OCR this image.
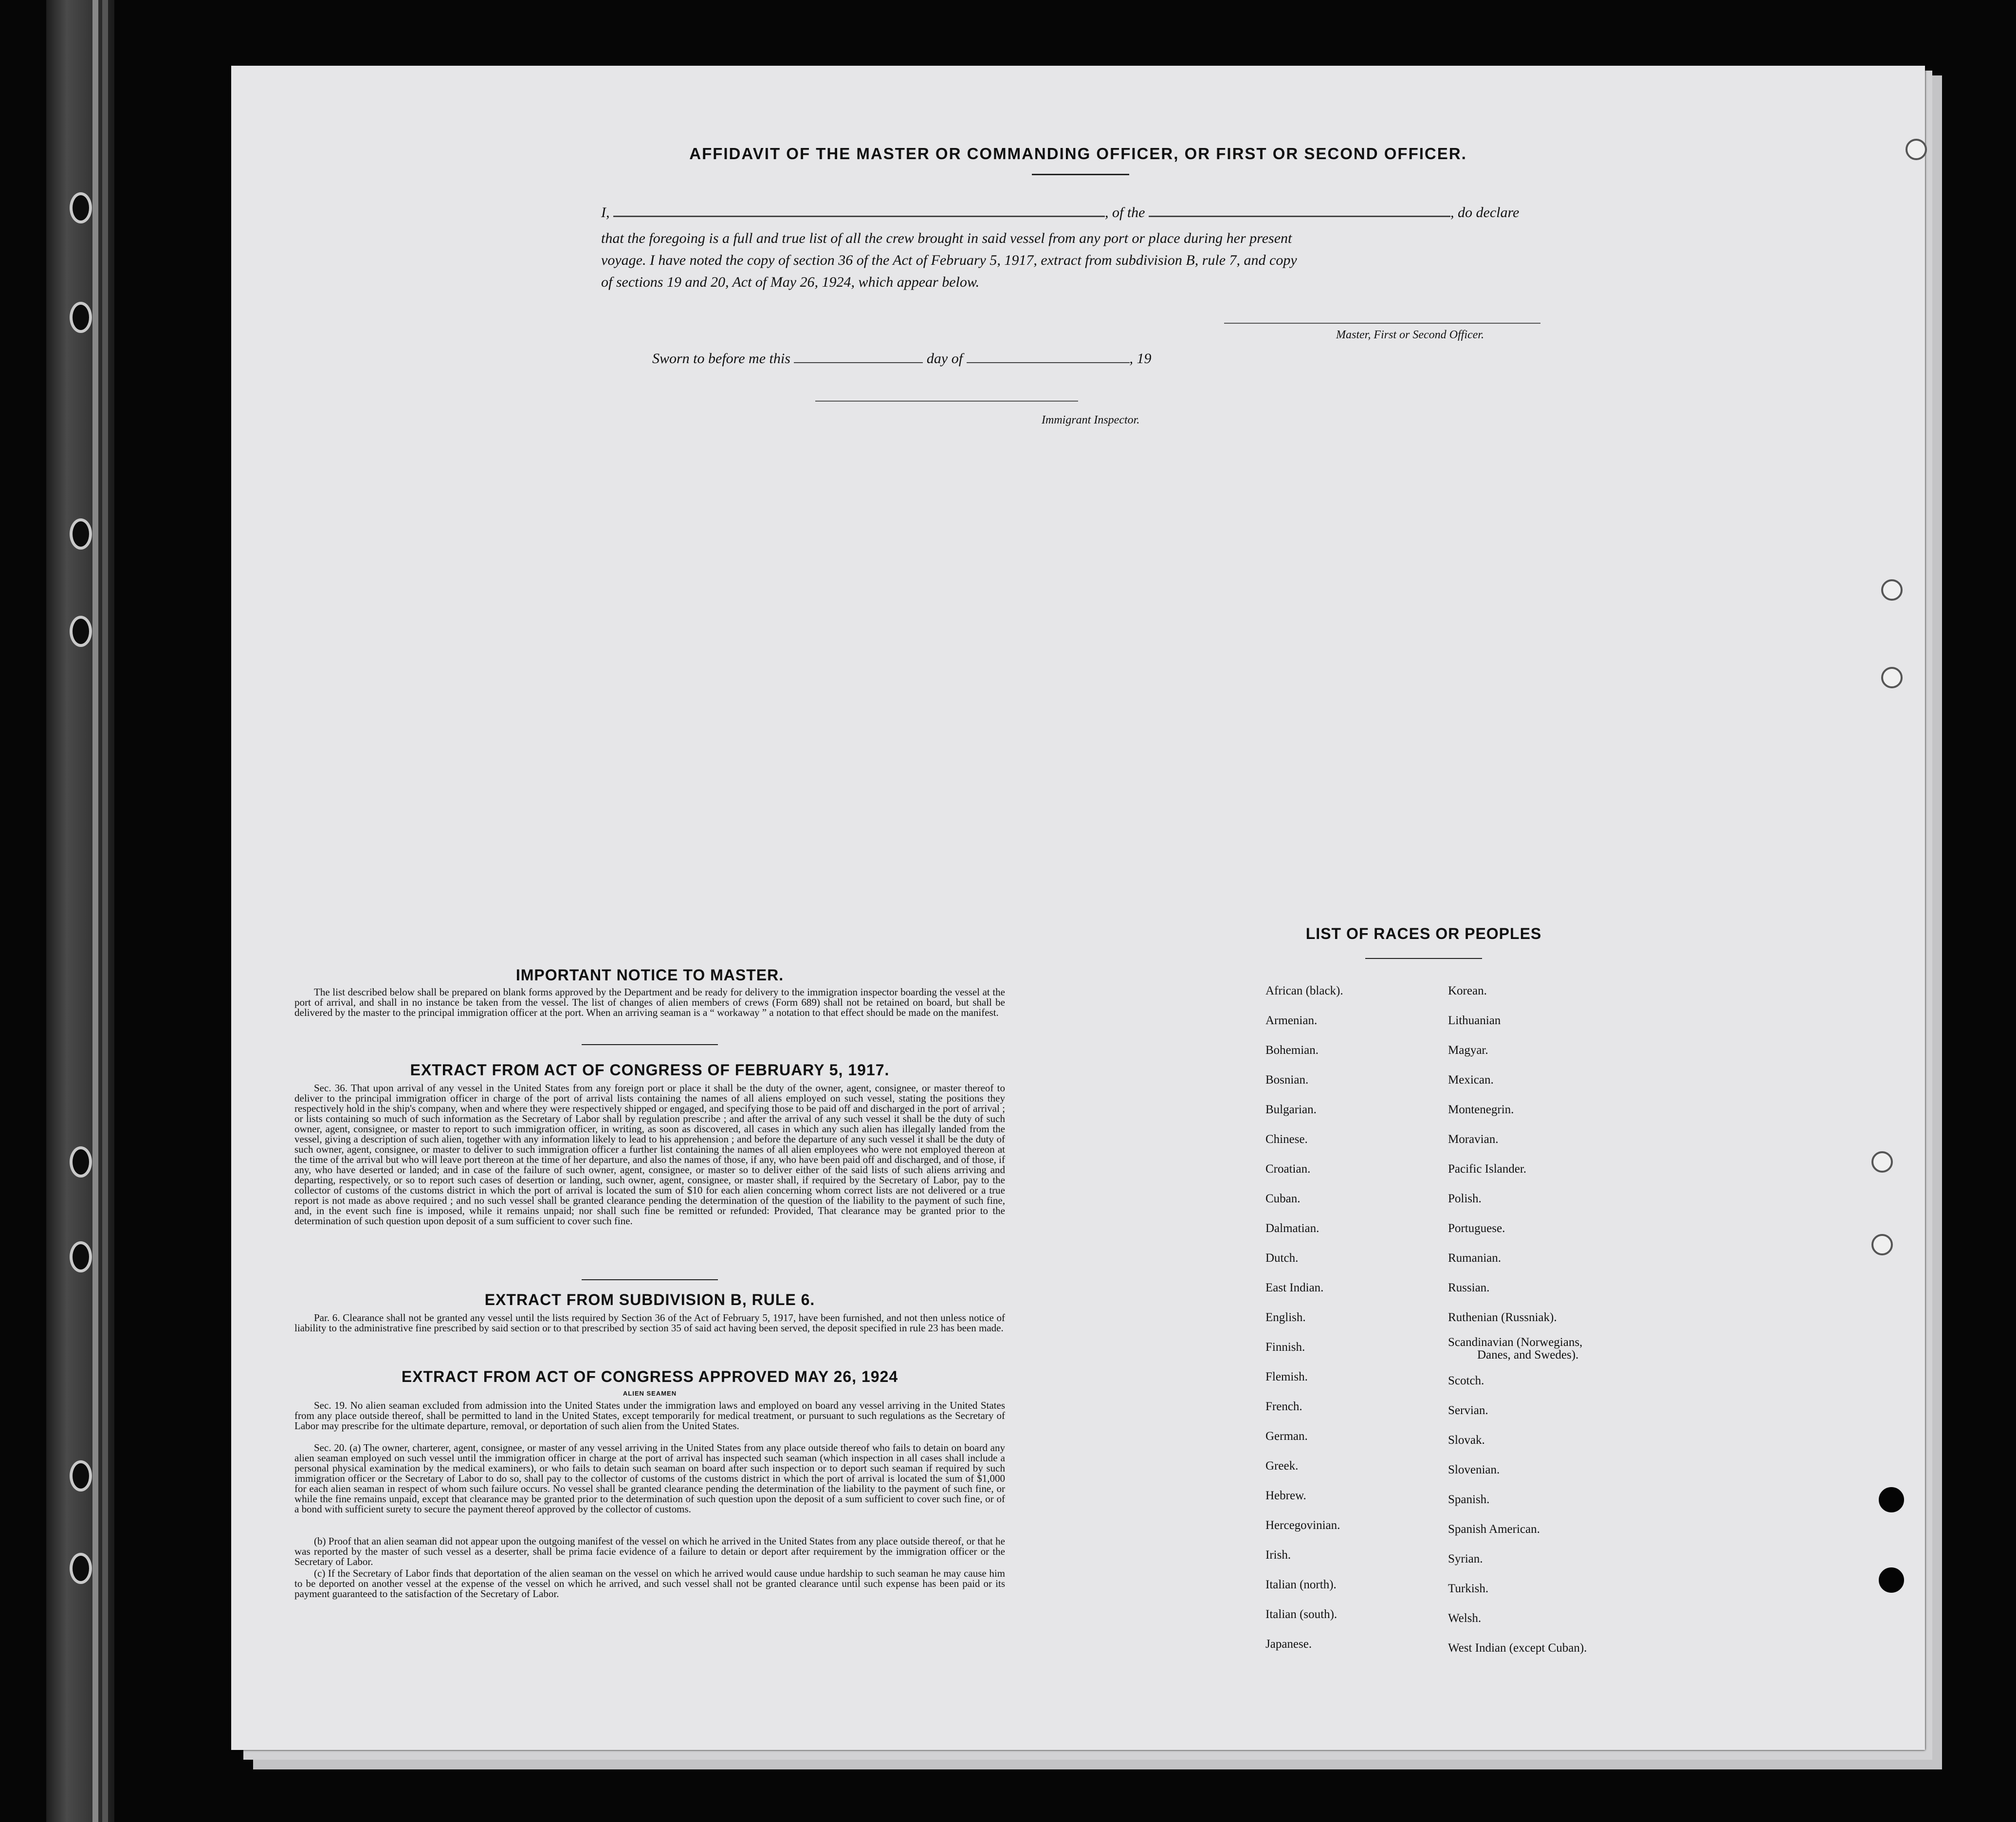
AFFIDAVIT OF THE MASTER OR COMMANDING OFFICER, OR FIRST OR SECOND OFFICER.
I,	, of the	, do declare
that the foregoing is a full and true list of all the crew brought in said vessel from any port or place during her present
voyage. I have noted the copy of section 36 of the Act of February 5, 1917, extract from subdivision B, rule 7, and copy
of sections 19 and 20, Act of May 26, 1924, which appear below.
Master, First or Second Officer.
Sworn to before me this	day of	, 19
Immigrant Inspector.
IMPORTANT NOTICE TO MASTER.
The list described below shall be prepared on blank forms approved by the Department and be ready for delivery to the immigration inspector boarding the vessel at the port of arrival, and shall in no instance be taken from the vessel. The list of changes of alien members of crews (Form 689) shall not be retained on board, but shall be delivered by the master to the principal immigration officer at the port. When an arriving seaman is a “ workaway ” a notation to that effect should be made on the manifest.
EXTRACT FROM ACT OF CONGRESS OF FEBRUARY 5, 1917.
Sec. 36. That upon arrival of any vessel in the United States from any foreign port or place it shall be the duty of the owner, agent, consignee, or master thereof to deliver to the principal immigration officer in charge of the port of arrival lists containing the names of all aliens employed on such vessel, stating the positions they respectively hold in the ship's company, when and where they were respectively shipped or engaged, and specifying those to be paid off and discharged in the port of arrival ; or lists containing so much of such information as the Secretary of Labor shall by regulation prescribe ; and after the arrival of any such vessel it shall be the duty of such owner, agent, consignee, or master to report to such immigration officer, in writing, as soon as discovered, all cases in which any such alien has illegally landed from the vessel, giving a description of such alien, together with any information likely to lead to his apprehension ; and before the departure of any such vessel it shall be the duty of such owner, agent, consignee, or master to deliver to such immigration officer a further list containing the names of all alien employees who were not employed thereon at the time of the arrival but who will leave port thereon at the time of her departure, and also the names of those, if any, who have been paid off and discharged, and of those, if any, who have deserted or landed; and in case of the failure of such owner, agent, consignee, or master so to deliver either of the said lists of such aliens arriving and departing, respectively, or so to report such cases of desertion or landing, such owner, agent, consignee, or master shall, if required by the Secretary of Labor, pay to the collector of customs of the customs district in which the port of arrival is located the sum of $10 for each alien concerning whom correct lists are not delivered or a true report is not made as above required ; and no such vessel shall be granted clearance pending the determination of the question of the liability to the payment of such fine, and, in the event such fine is imposed, while it remains unpaid; nor shall such fine be remitted or refunded: Provided, That clearance may be granted prior to the determination of such question upon deposit of a sum sufficient to cover such fine.
EXTRACT FROM SUBDIVISION B, RULE 6.
Par. 6. Clearance shall not be granted any vessel until the lists required by Section 36 of the Act of February 5, 1917, have been furnished, and not then unless notice of liability to the administrative fine prescribed by said section or to that prescribed by section 35 of said act having been served, the deposit specified in rule 23 has been made.
EXTRACT FROM ACT OF CONGRESS APPROVED MAY 26, 1924
ALIEN SEAMEN
Sec. 19. No alien seaman excluded from admission into the United States under the immigration laws and employed on board any vessel arriving in the United States from any place outside thereof, shall be permitted to land in the United States, except temporarily for medical treatment, or pursuant to such regulations as the Secretary of Labor may prescribe for the ultimate departure, removal, or deportation of such alien from the United States.
Sec. 20. (a) The owner, charterer, agent, consignee, or master of any vessel arriving in the United States from any place outside thereof who fails to detain on board any alien seaman employed on such vessel until the immigration officer in charge at the port of arrival has inspected such seaman (which inspection in all cases shall include a personal physical examination by the medical examiners), or who fails to detain such seaman on board after such inspection or to deport such seaman if required by such immigration officer or the Secretary of Labor to do so, shall pay to the collector of customs of the customs district in which the port of arrival is located the sum of $1,000 for each alien seaman in respect of whom such failure occurs. No vessel shall be granted clearance pending the determination of the liability to the payment of such fine, or while the fine remains unpaid, except that clearance may be granted prior to the determination of such question upon the deposit of a sum sufficient to cover such fine, or of a bond with sufficient surety to secure the payment thereof approved by the collector of customs.
(b) Proof that an alien seaman did not appear upon the outgoing manifest of the vessel on which he arrived in the United States from any place outside thereof, or that he was reported by the master of such vessel as a deserter, shall be prima facie evidence of a failure to detain or deport after requirement by the immigration officer or the Secretary of Labor.
(c) If the Secretary of Labor finds that deportation of the alien seaman on the vessel on which he arrived would cause undue hardship to such seaman he may cause him to be deported on another vessel at the expense of the vessel on which he arrived, and such vessel shall not be granted clearance until such expense has been paid or its payment guaranteed to the satisfaction of the Secretary of Labor.
LIST OF RACES OR PEOPLES
African (black).
Armenian.
Bohemian.
Bosnian.
Bulgarian.
Chinese.
Croatian.
Cuban.
Dalmatian.
Dutch.
East Indian.
English.
Finnish.
Flemish.
French.
German.
Greek.
Hebrew.
Hercegovinian.
Irish.
Italian (north).
Italian (south).
Japanese.
Korean.
Lithuanian
Magyar.
Mexican.
Montenegrin.
Moravian.
Pacific Islander.
Polish.
Portuguese.
Rumanian.
Russian.
Ruthenian (Russniak).
Scandinavian (Norwegians,
Danes, and Swedes).
Scotch.
Servian.
Slovak.
Slovenian.
Spanish.
Spanish American.
Syrian.
Turkish.
Welsh.
West Indian (except Cuban).
